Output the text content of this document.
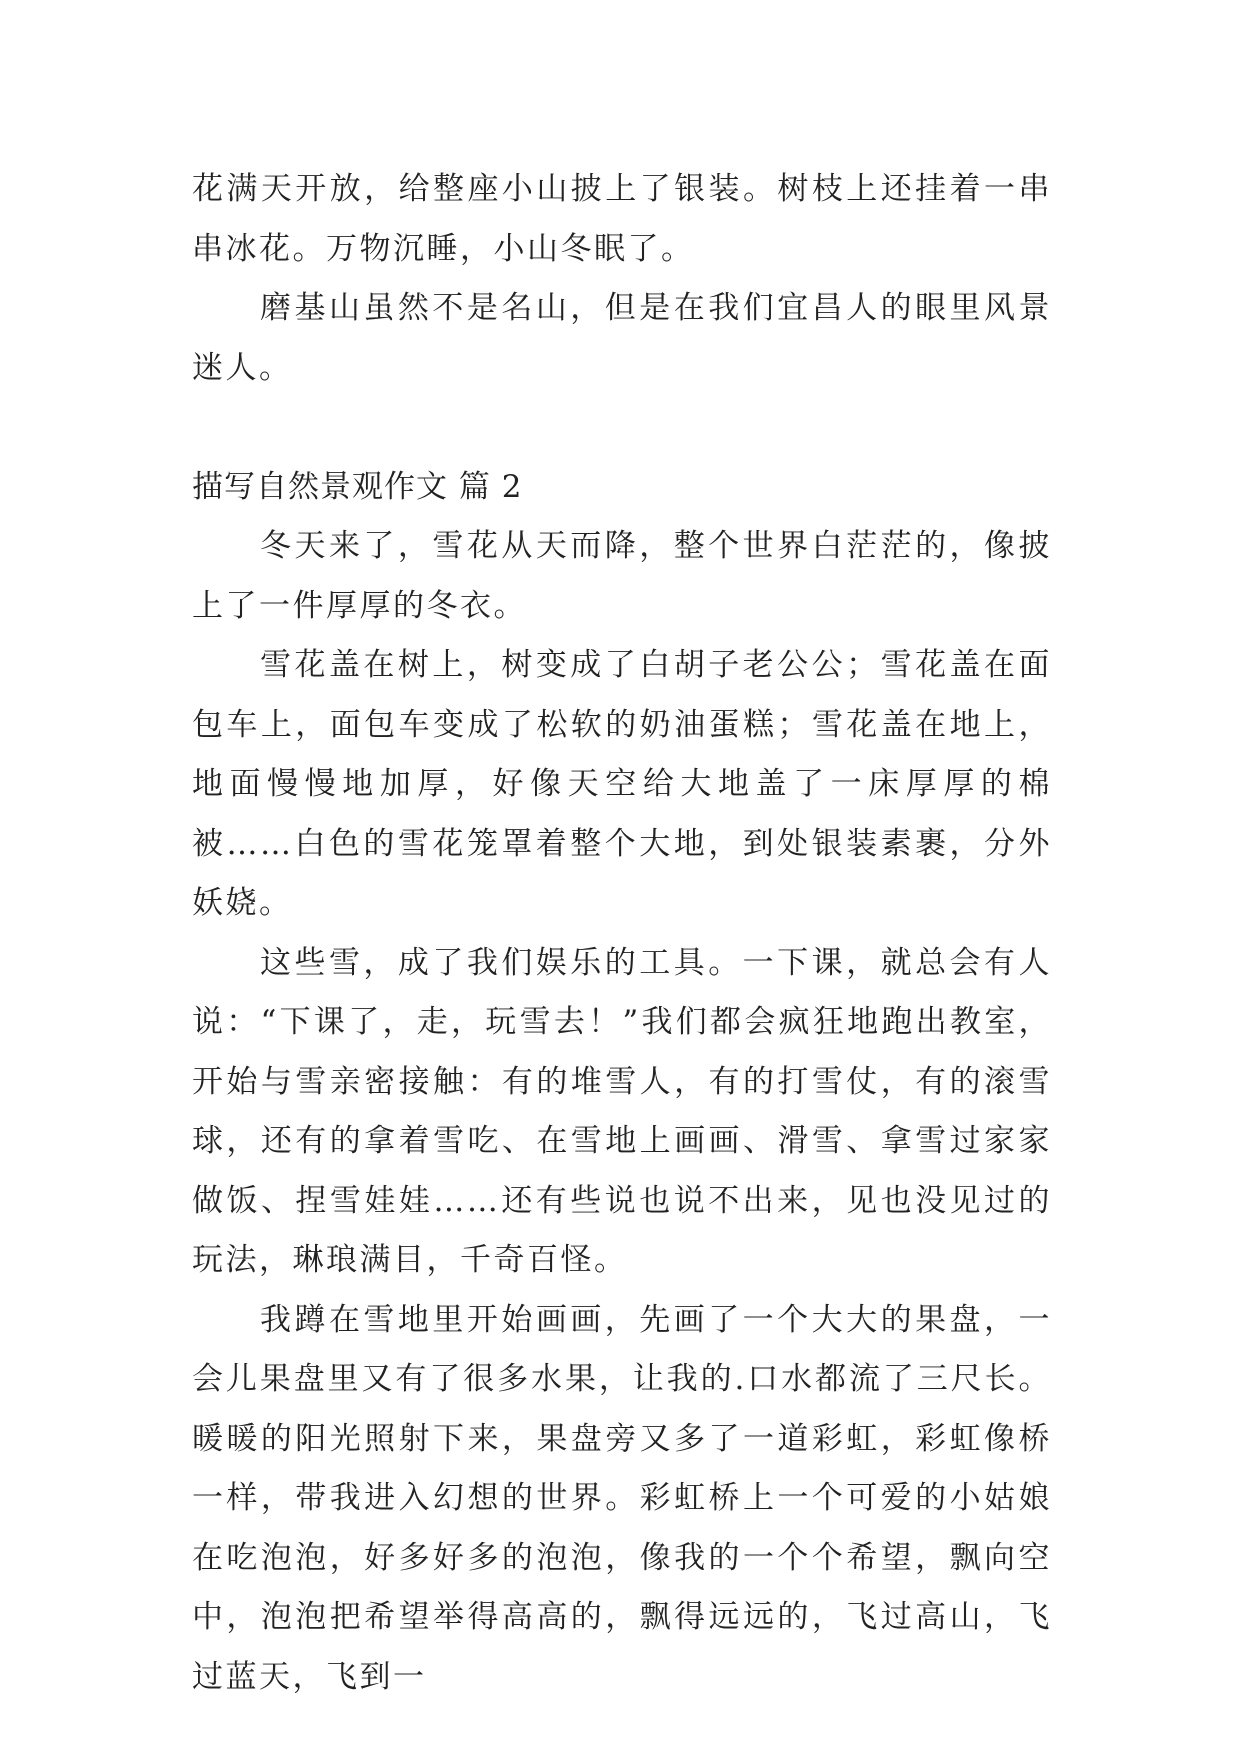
花满天开放，给整座小山披上了银装。树枝上还挂着一串串冰花。万物沉睡，小山冬眠了。

磨基山虽然不是名山，但是在我们宜昌人的眼里风景迷人。

描写自然景观作文 篇 2

冬天来了，雪花从天而降，整个世界白茫茫的，像披上了一件厚厚的冬衣。

雪花盖在树上，树变成了白胡子老公公；雪花盖在面包车上，面包车变成了松软的奶油蛋糕；雪花盖在地上，地面慢慢地加厚，好像天空给大地盖了一床厚厚的棉被……白色的雪花笼罩着整个大地，到处银装素裹，分外妖娆。

这些雪，成了我们娱乐的工具。一下课，就总会有人说：“下课了，走，玩雪去！”我们都会疯狂地跑出教室，开始与雪亲密接触：有的堆雪人，有的打雪仗，有的滚雪球，还有的拿着雪吃、在雪地上画画、滑雪、拿雪过家家做饭、捏雪娃娃……还有些说也说不出来，见也没见过的玩法，琳琅满目，千奇百怪。

我蹲在雪地里开始画画，先画了一个大大的果盘，一会儿果盘里又有了很多水果，让我的.口水都流了三尺长。暖暖的阳光照射下来，果盘旁又多了一道彩虹，彩虹像桥一样，带我进入幻想的世界。彩虹桥上一个可爱的小姑娘在吃泡泡，好多好多的泡泡，像我的一个个希望，飘向空中，泡泡把希望举得高高的，飘得远远的，飞过高山，飞过蓝天，飞到一
